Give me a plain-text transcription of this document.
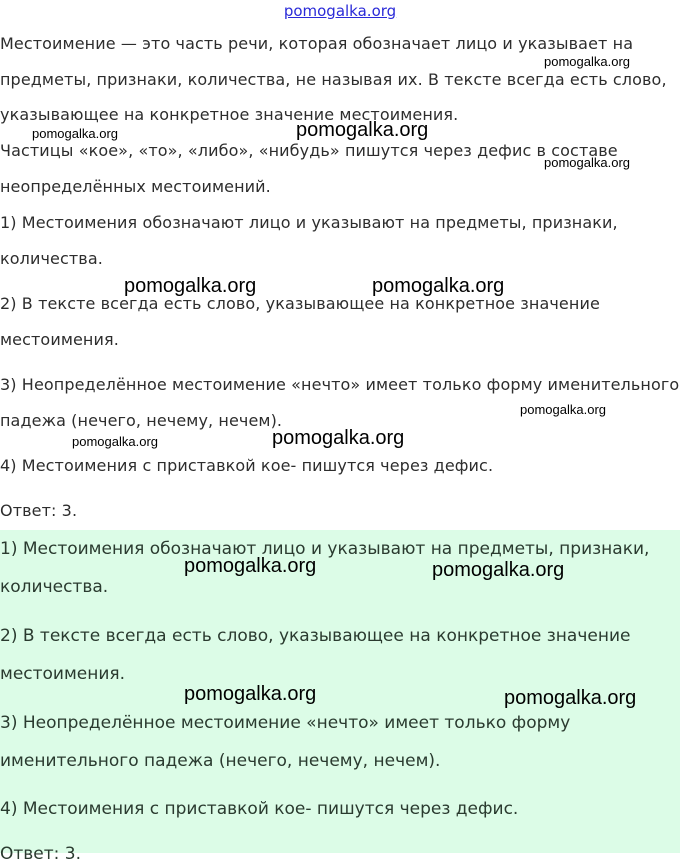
pomogalka.org
Местоимение — это часть речи, которая обозначает лицо и указывает на
предметы, признаки, количества, не называя их. В тексте всегда есть слово,
указывающее на конкретное значение местоимения.
Частицы «кое», «то», «либо», «нибудь» пишутся через дефис в составе
неопределённых местоимений.
1) Местоимения обозначают лицо и указывают на предметы, признаки,
количества.
2) В тексте всегда есть слово, указывающее на конкретное значение
местоимения.
3) Неопределённое местоимение «нечто» имеет только форму именительного
падежа (нечего, нечему, нечем).
4) Местоимения с приставкой кое- пишутся через дефис.
Ответ: 3.
1) Местоимения обозначают лицо и указывают на предметы, признаки,
количества.
2) В тексте всегда есть слово, указывающее на конкретное значение
местоимения.
3) Неопределённое местоимение «нечто» имеет только форму
именительного падежа (нечего, нечему, нечем).
4) Местоимения с приставкой кое- пишутся через дефис.
Ответ: 3.
pomogalka.org
pomogalka.org	pomogalka.org
pomogalka.org
pomogalka.org	pomogalka.org
pomogalka.org
pomogalka.org	pomogalka.org
pomogalka.org	pomogalka.org
pomogalka.org	pomogalka.org
